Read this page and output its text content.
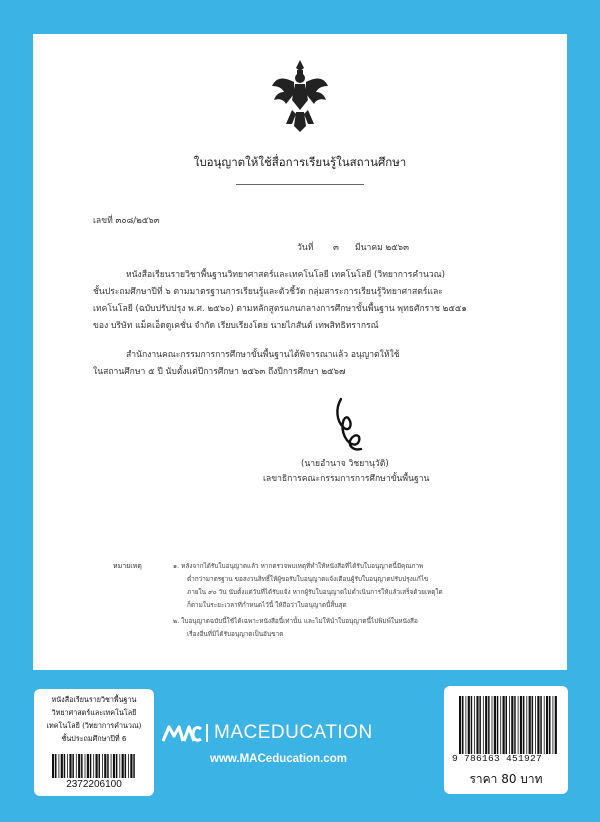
ใบอนุญาตให้ใช้สื่อการเรียนรู้ในสถานศึกษา
เลขที่ ๓๐๘/๒๕๖๓
วันที่ ๓ มีนาคม ๒๕๖๓
หนังสือเรียนรายวิชาพื้นฐานวิทยาศาสตร์และเทคโนโลยี เทคโนโลยี (วิทยาการคำนวณ)
ชั้นประถมศึกษาปีที่ ๖ ตามมาตรฐานการเรียนรู้และตัวชี้วัด กลุ่มสาระการเรียนรู้วิทยาศาสตร์และ
เทคโนโลยี (ฉบับปรับปรุง พ.ศ. ๒๕๖๐) ตามหลักสูตรแกนกลางการศึกษาขั้นพื้นฐาน พุทธศักราช ๒๕๕๑
ของ บริษัท แม็คเอ็ดดูเคชั่น จำกัด เรียบเรียงโดย นายไกสันต์ เทพสิทธิทรากรณ์
สำนักงานคณะกรรมการการศึกษาขั้นพื้นฐานได้พิจารณาแล้ว อนุญาตให้ใช้
ในสถานศึกษา ๕ ปี นับตั้งแต่ปีการศึกษา ๒๕๖๓ ถึงปีการศึกษา ๒๕๖๗
(นายอำนาจ วิชยานุวัติ)
เลขาธิการคณะกรรมการการศึกษาขั้นพื้นฐาน
หมายเหตุ	๑. หลังจากได้รับใบอนุญาตแล้ว หากตรวจพบเหตุที่ทำให้หนังสือที่ได้รับใบอนุญาตนี้มีคุณภาพ
ต่ำกว่ามาตรฐาน ขอสงวนสิทธิ์ให้ผู้ขอรับใบอนุญาตแจ้งเตือนผู้รับใบอนุญาตปรับปรุงแก้ไข
ภายใน ๙๐ วัน นับตั้งแต่วันที่ได้รับแจ้ง หากผู้รับใบอนุญาตไม่ดำเนินการให้แล้วเสร็จด้วยเหตุใด
ก็ตามในระยะเวลาที่กำหนดไว้นี้ ให้ถือว่าใบอนุญาตนี้สิ้นสุด
๒. ใบอนุญาตฉบับนี้ใช้ได้เฉพาะหนังสือนี้เท่านั้น และไม่ให้นำใบอนุญาตนี้ไปพิมพ์ในหนังสือ
เรื่องอื่นที่มิได้รับอนุญาตเป็นอันขาด
หนังสือเรียนรายวิชาพื้นฐาน
วิทยาศาสตร์และเทคโนโลยี
เทคโนโลยี (วิทยาการคำนวณ)
ชั้นประถมศึกษาปีที่ 6
2372206100
MACEDUCATION
www.MACeducation.com	9 786163 451927
ราคา 80 บาท
